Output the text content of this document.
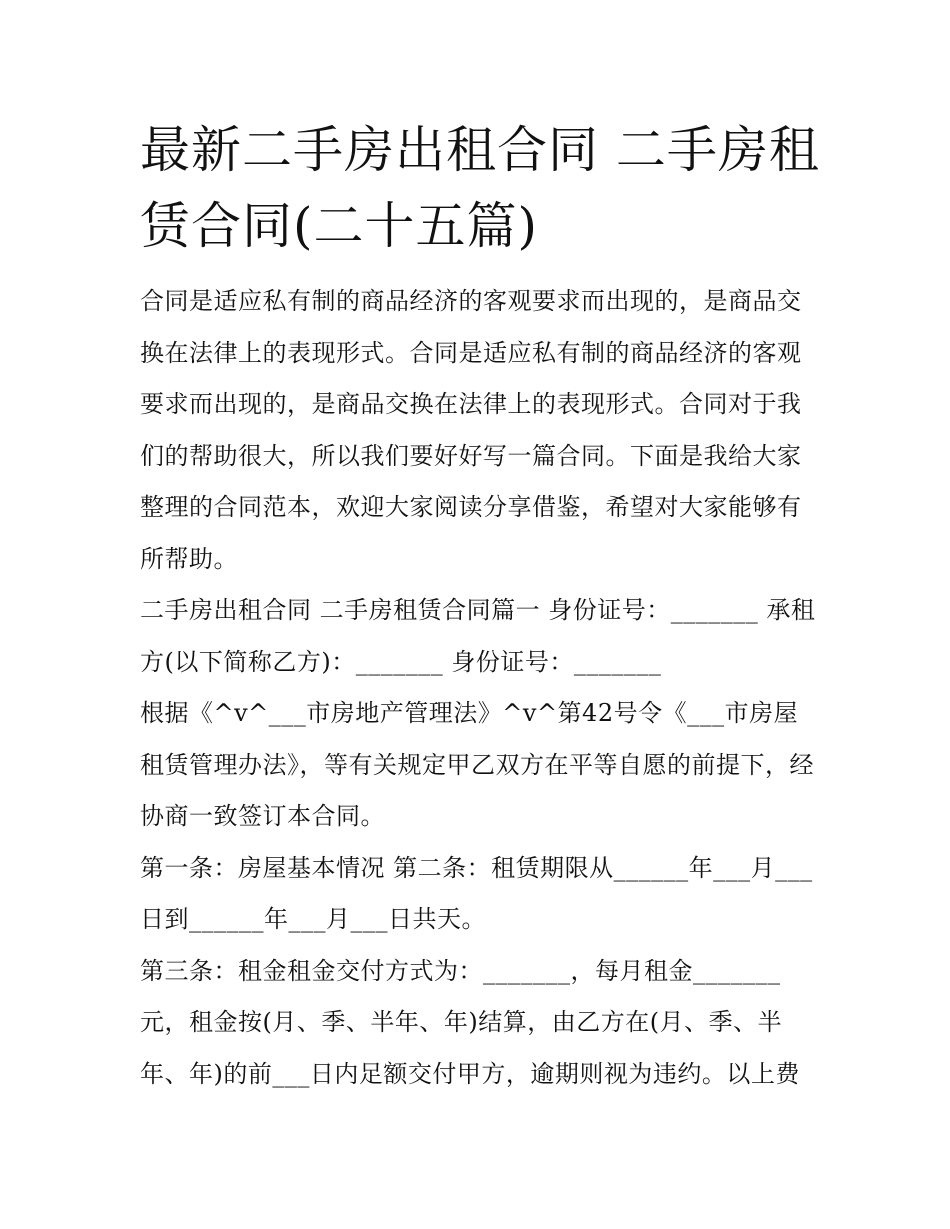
最新二手房出租合同 二手房租赁合同(二十五篇)

合同是适应私有制的商品经济的客观要求而出现的，是商品交换在法律上的表现形式。合同是适应私有制的商品经济的客观要求而出现的，是商品交换在法律上的表现形式。合同对于我们的帮助很大，所以我们要好好写一篇合同。下面是我给大家整理的合同范本，欢迎大家阅读分享借鉴，希望对大家能够有所帮助。

二手房出租合同 二手房租赁合同篇一 身份证号：_______ 承租方(以下简称乙方)：_______ 身份证号：_______

根据《^v^___市房地产管理法》^v^第42号令《___市房屋租赁管理办法》，等有关规定甲乙双方在平等自愿的前提下，经协商一致签订本合同。

第一条：房屋基本情况 第二条：租赁期限从______年___月___日到______年___月___日共天。

第三条：租金租金交付方式为：_______，每月租金_______元，租金按(月、季、半年、年)结算，由乙方在(月、季、半年、年)的前___日内足额交付甲方，逾期则视为违约。以上费
